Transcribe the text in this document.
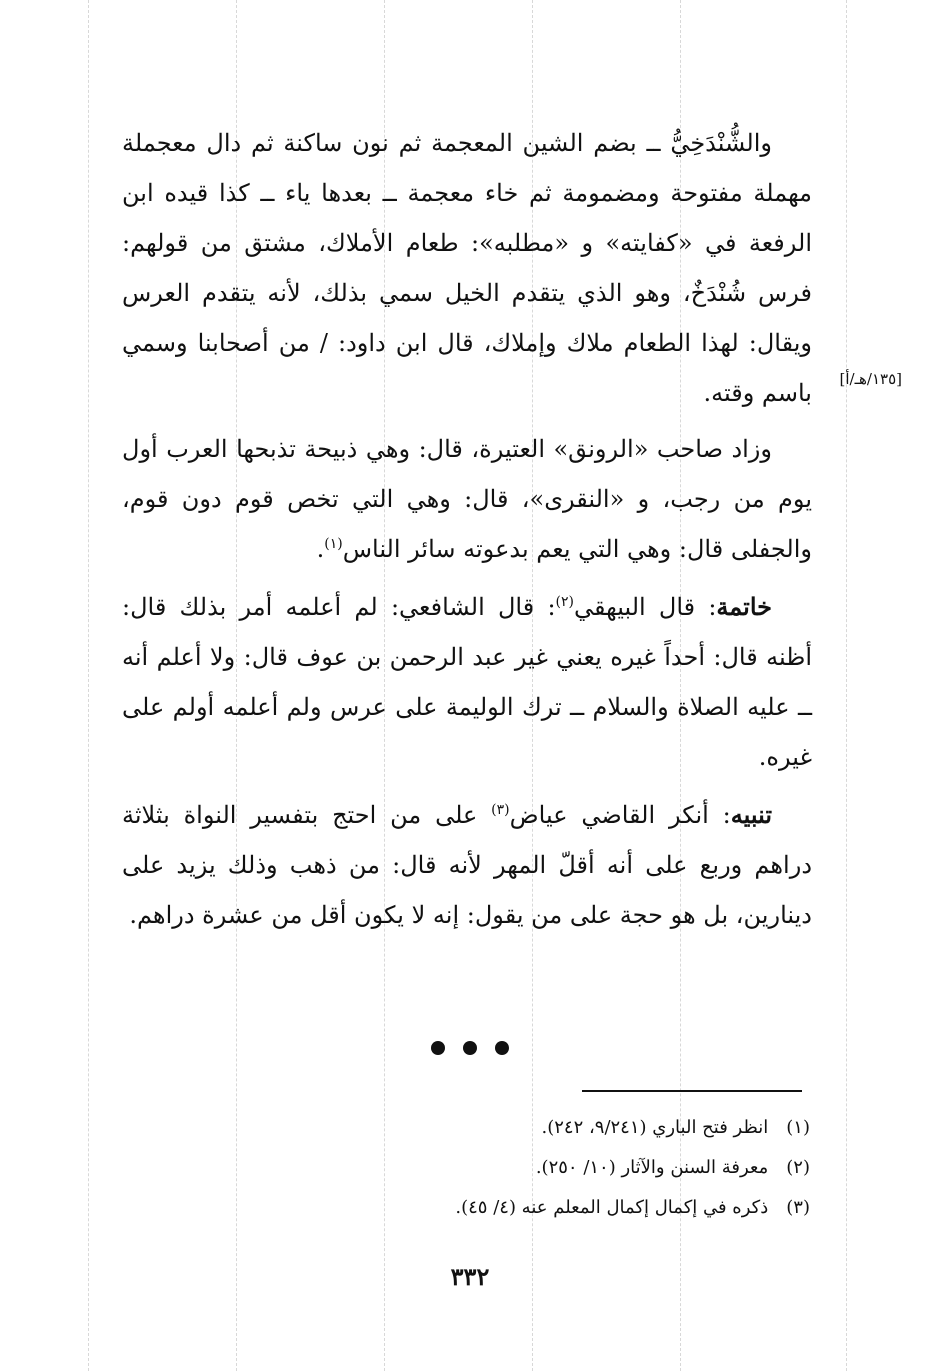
والشُّنْدَخِيُّ ــ بضم الشين المعجمة ثم نون ساكنة ثم دال معجملة مهملة مفتوحة ومضمومة ثم خاء معجمة ــ بعدها ياء ــ كذا قيده ابن الرفعة في «كفايته» و «مطلبه»: طعام الأملاك، مشتق من قولهم: فرس شُنْدَخٌ، وهو الذي يتقدم الخيل سمي بذلك، لأنه يتقدم العرس ويقال: لهذا الطعام ملاك وإملاك، قال ابن داود: / من أصحابنا وسمي باسم وقته.

وزاد صاحب «الرونق» العتيرة، قال: وهي ذبيحة تذبحها العرب أول يوم من رجب، و «النقرى»، قال: وهي التي تخص قوم دون قوم، والجفلى قال: وهي التي يعم بدعوته سائر الناس$^{(١)}$.

خاتمة: قال البيهقي$^{(٢)}$: قال الشافعي: لم أعلمه أمر بذلك قال: أظنه قال: أحداً غيره يعني غير عبد الرحمن بن عوف قال: ولا أعلم أنه ــ عليه الصلاة والسلام ــ ترك الوليمة على عرس ولم أعلمه أولم على غيره.

تنبيه: أنكر القاضي عياض$^{(٣)}$ على من احتج بتفسير النواة بثلاثة دراهم وربع على أنه أقلّ المهر لأنه قال: من ذهب وذلك يزيد على دينارين، بل هو حجة على من يقول: إنه لا يكون أقل من عشرة دراهم.

[١٣٥/هـ/أ]

(١) انظر فتح الباري (٩/٢٤١، ٢٤٢).

(٢) معرفة السنن والآثار (١٠/ ٢٥٠).

(٣) ذكره في إكمال إكمال المعلم عنه (٤/ ٤٥).

٣٣٢
